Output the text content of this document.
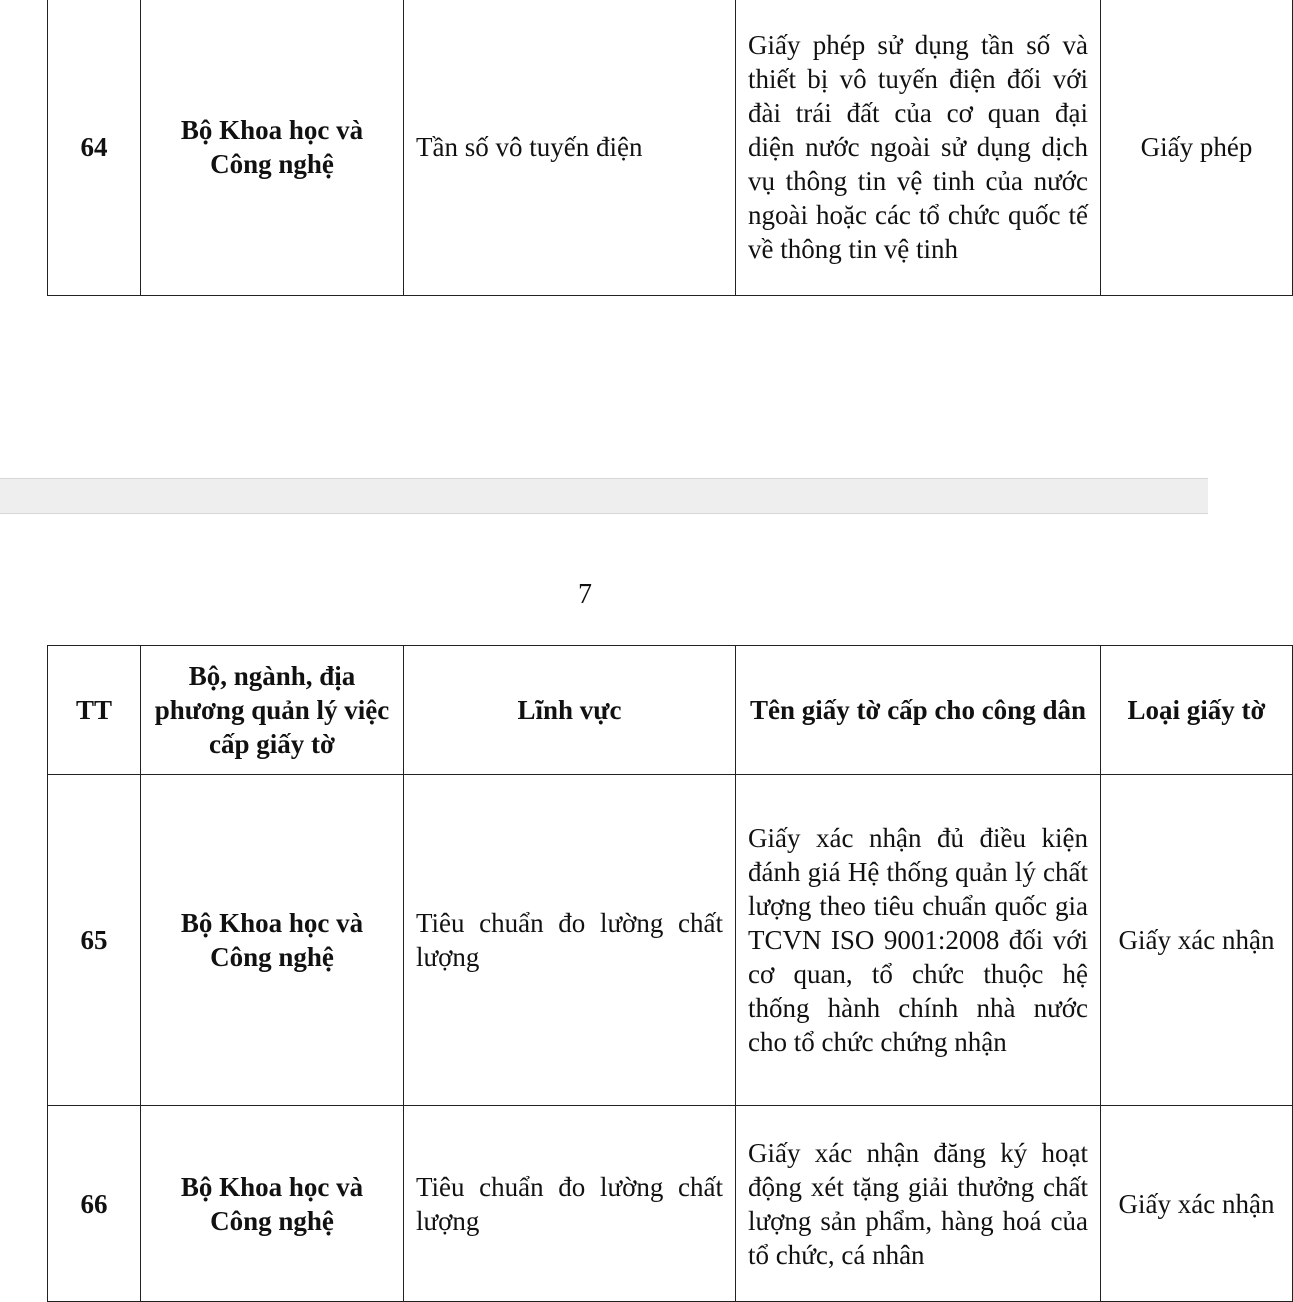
64	Bộ Khoa học và Công nghệ	Tần số vô tuyến điện	Giấy phép sử dụng tần số và thiết bị vô tuyến điện đối với đài trái đất của cơ quan đại diện nước ngoài sử dụng dịch vụ thông tin vệ tinh của nước ngoài hoặc các tổ chức quốc tế về thông tin vệ tinh	Giấy phép
7
TT	Bộ, ngành, địa phương quản lý việc cấp giấy tờ	Lĩnh vực	Tên giấy tờ cấp cho công dân	Loại giấy tờ
65	Bộ Khoa học và Công nghệ	Tiêu chuẩn đo lường chất lượng	Giấy xác nhận đủ điều kiện đánh giá Hệ thống quản lý chất lượng theo tiêu chuẩn quốc gia TCVN ISO 9001:2008 đối với cơ quan, tổ chức thuộc hệ thống hành chính nhà nước cho tổ chức chứng nhận	Giấy xác nhận
66	Bộ Khoa học và Công nghệ	Tiêu chuẩn đo lường chất lượng	Giấy xác nhận đăng ký hoạt động xét tặng giải thưởng chất lượng sản phẩm, hàng hoá của tổ chức, cá nhân	Giấy xác nhận
